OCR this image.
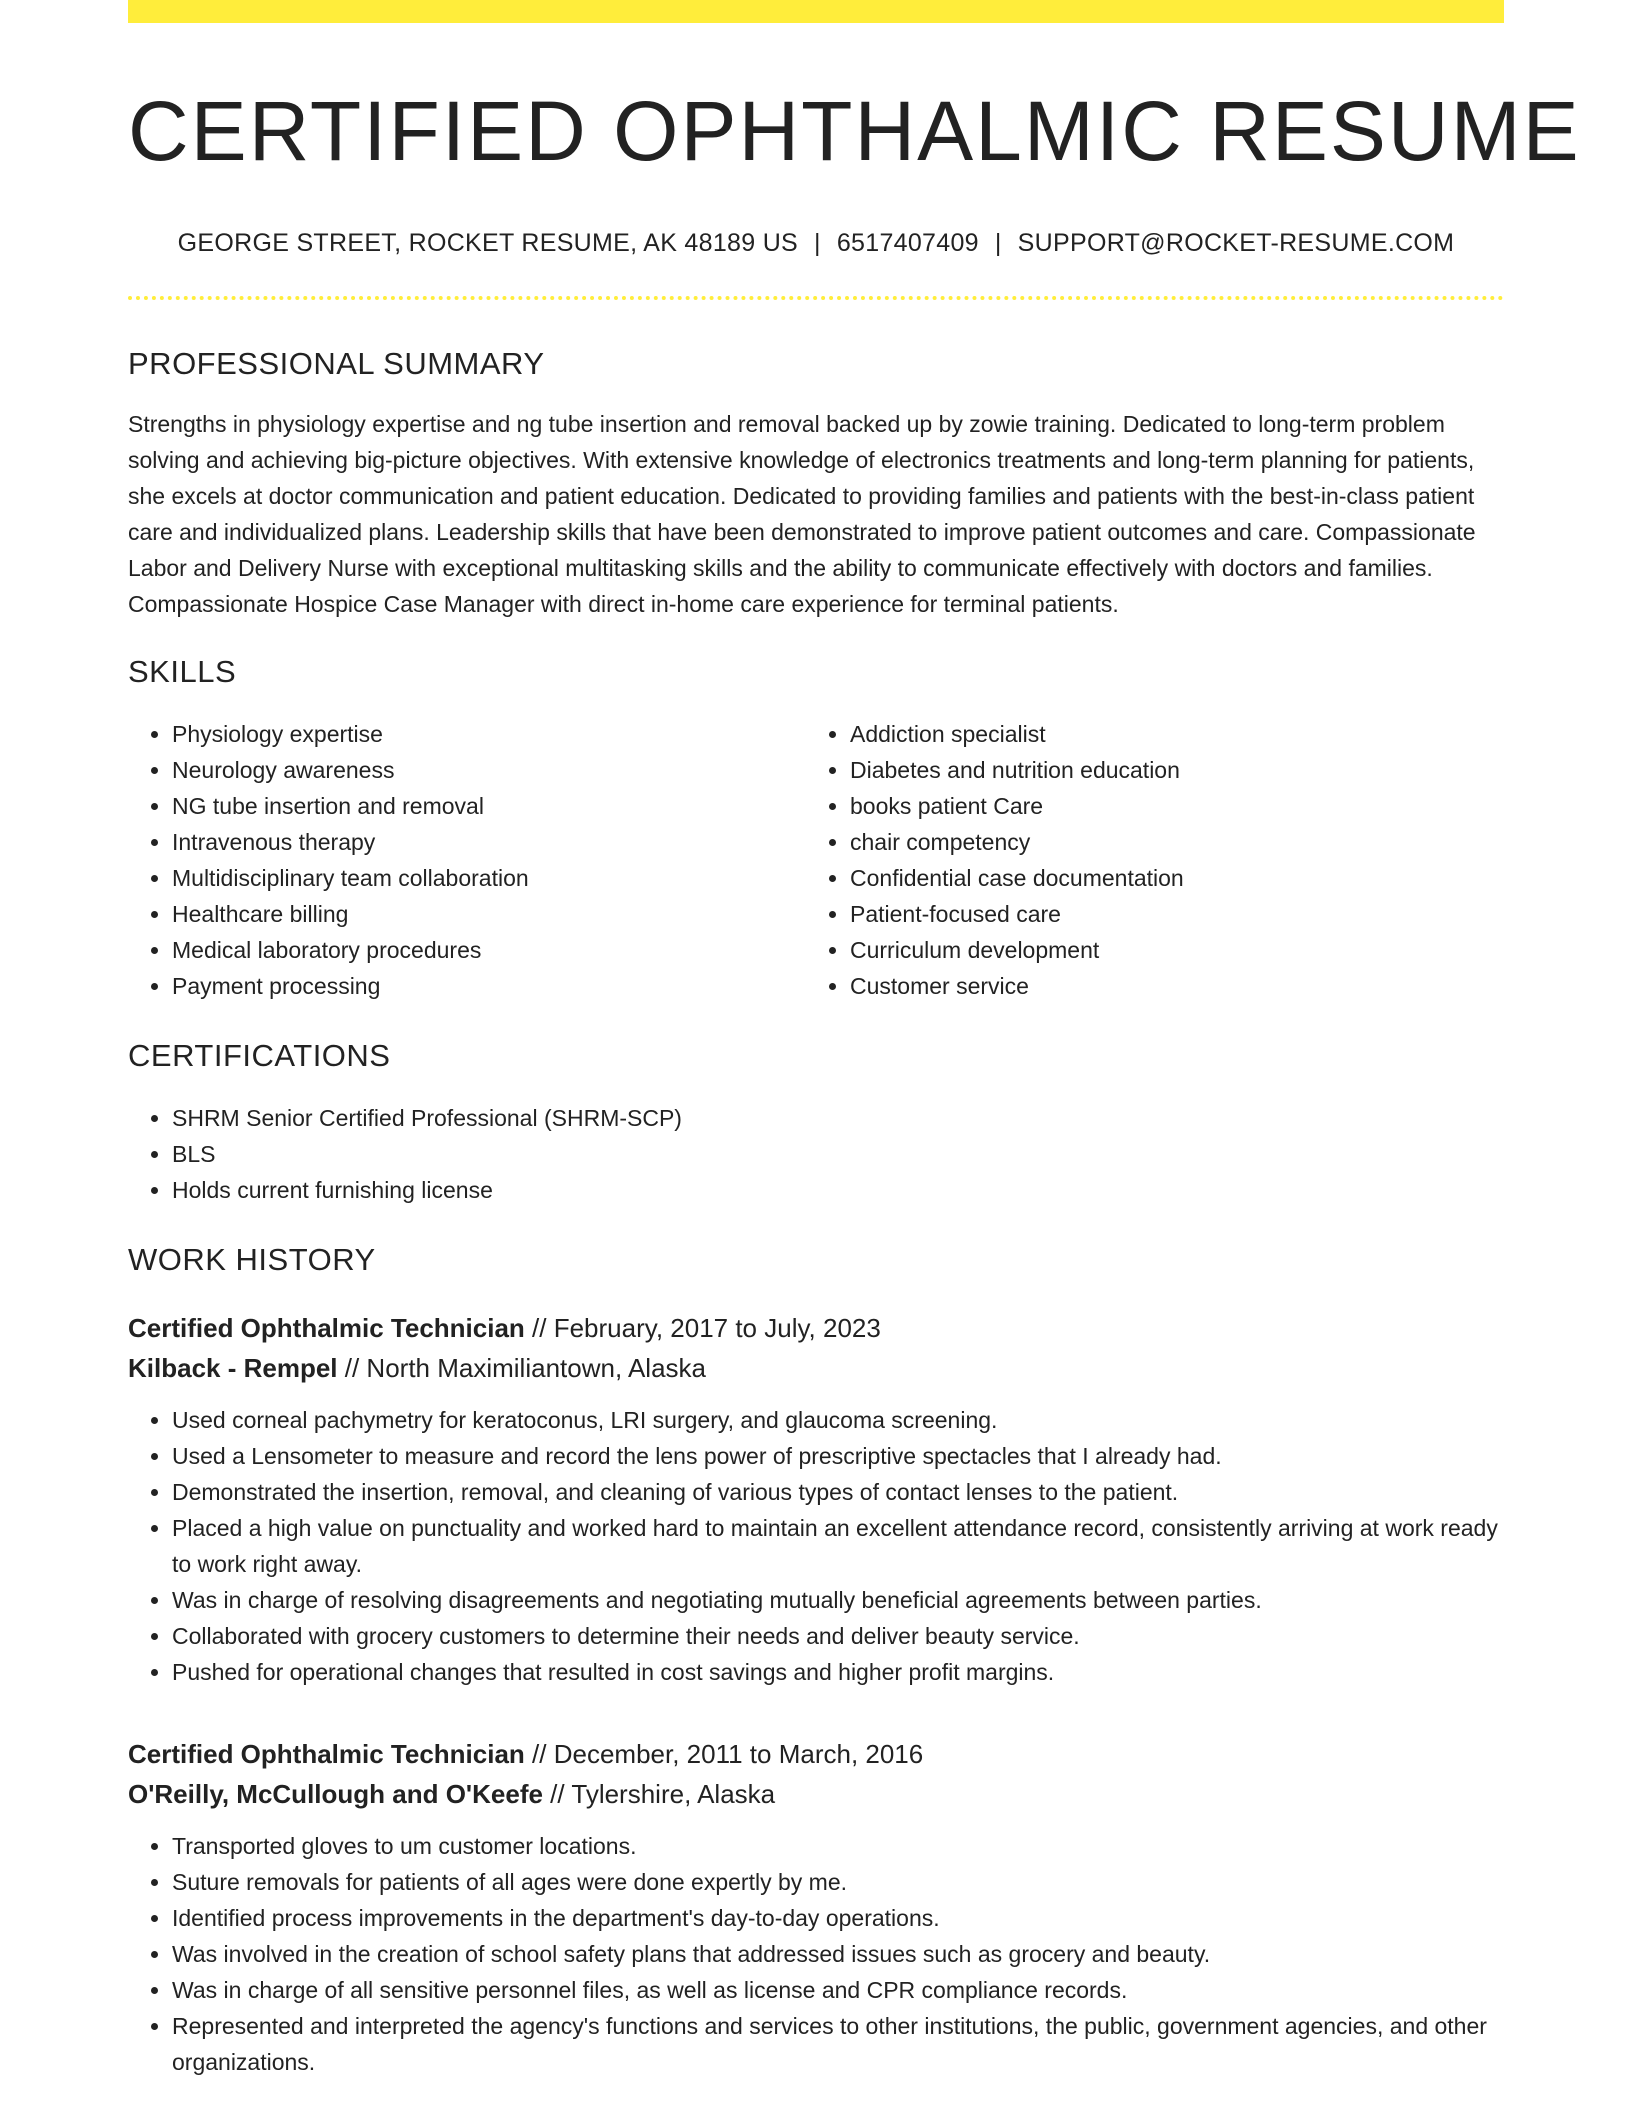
CERTIFIED OPHTHALMIC RESUME
GEORGE STREET, ROCKET RESUME, AK 48189 US | 6517407409 | SUPPORT@ROCKET-RESUME.COM
PROFESSIONAL SUMMARY

Strengths in physiology expertise and ng tube insertion and removal backed up by zowie training. Dedicated to long-term problem solving and achieving big-picture objectives. With extensive knowledge of electronics treatments and long-term planning for patients, she excels at doctor communication and patient education. Dedicated to providing families and patients with the best-in-class patient care and individualized plans. Leadership skills that have been demonstrated to improve patient outcomes and care. Compassionate Labor and Delivery Nurse with exceptional multitasking skills and the ability to communicate effectively with doctors and families. Compassionate Hospice Case Manager with direct in-home care experience for terminal patients.

SKILLS
• Physiology expertise
• Neurology awareness
• NG tube insertion and removal
• Intravenous therapy
• Multidisciplinary team collaboration
• Healthcare billing
• Medical laboratory procedures
• Payment processing
• Addiction specialist
• Diabetes and nutrition education
• books patient Care
• chair competency
• Confidential case documentation
• Patient-focused care
• Curriculum development
• Customer service
CERTIFICATIONS
• SHRM Senior Certified Professional (SHRM-SCP)
• BLS
• Holds current furnishing license
WORK HISTORY
Certified Ophthalmic Technician // February, 2017 to July, 2023
Kilback - Rempel // North Maximiliantown, Alaska
• Used corneal pachymetry for keratoconus, LRI surgery, and glaucoma screening.
• Used a Lensometer to measure and record the lens power of prescriptive spectacles that I already had.
• Demonstrated the insertion, removal, and cleaning of various types of contact lenses to the patient.
• Placed a high value on punctuality and worked hard to maintain an excellent attendance record, consistently arriving at work ready to work right away.
• Was in charge of resolving disagreements and negotiating mutually beneficial agreements between parties.
• Collaborated with grocery customers to determine their needs and deliver beauty service.
• Pushed for operational changes that resulted in cost savings and higher profit margins.
Certified Ophthalmic Technician // December, 2011 to March, 2016
O'Reilly, McCullough and O'Keefe // Tylershire, Alaska
• Transported gloves to um customer locations.
• Suture removals for patients of all ages were done expertly by me.
• Identified process improvements in the department's day-to-day operations.
• Was involved in the creation of school safety plans that addressed issues such as grocery and beauty.
• Was in charge of all sensitive personnel files, as well as license and CPR compliance records.
• Represented and interpreted the agency's functions and services to other institutions, the public, government agencies, and other organizations.
